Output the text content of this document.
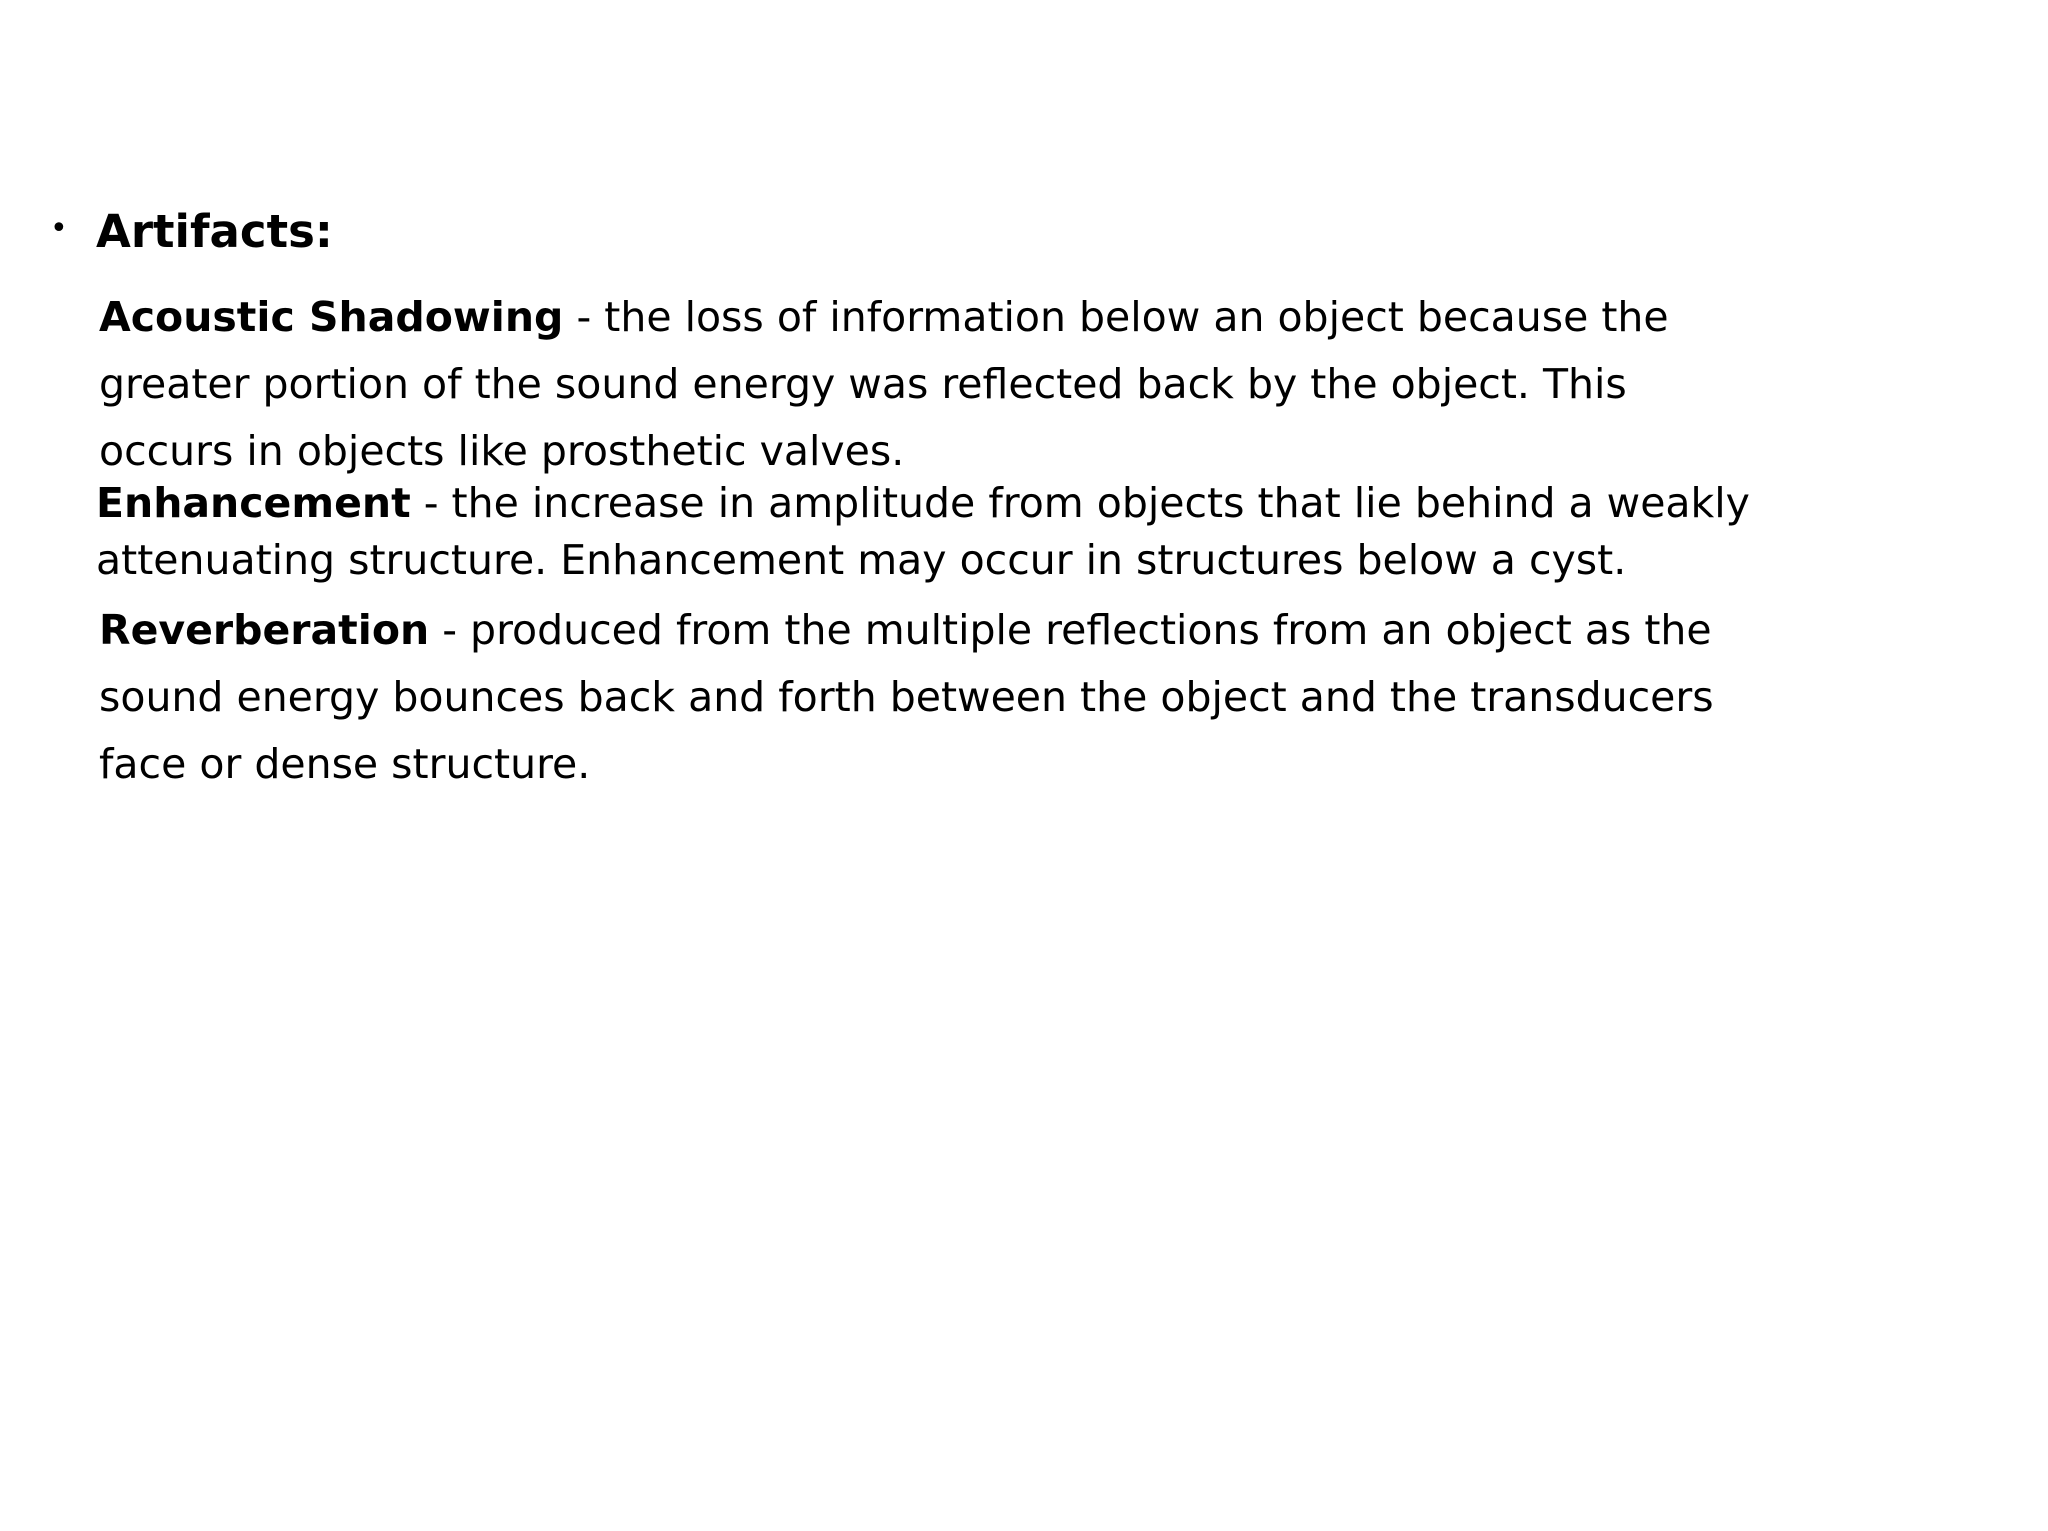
• Artifacts:
Acoustic Shadowing - the loss of information below an object because the
greater portion of the sound energy was reflected back by the object. This
occurs in objects like prosthetic valves.
Enhancement - the increase in amplitude from objects that lie behind a weakly
attenuating structure. Enhancement may occur in structures below a cyst.
Reverberation - produced from the multiple reflections from an object as the
sound energy bounces back and forth between the object and the transducers
face or dense structure.
